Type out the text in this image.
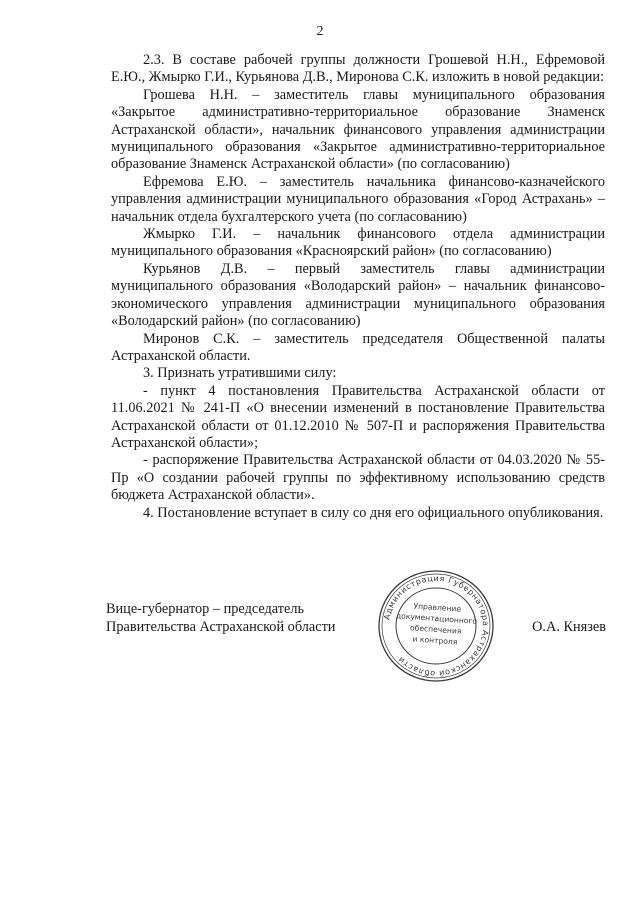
2

2.3. В составе рабочей группы должности Грошевой Н.Н., Ефремовой Е.Ю., Жмырко Г.И., Курьянова Д.В., Миронова С.К. изложить в новой редакции:

Грошева Н.Н. – заместитель главы муниципального образования «Закрытое административно-территориальное образование Знаменск Астраханской области», начальник финансового управления администрации муниципального образования «Закрытое административно-территориальное образование Знаменск Астраханской области» (по согласованию)

Ефремова Е.Ю. – заместитель начальника финансово-казначейского управления администрации муниципального образования «Город Астрахань» – начальник отдела бухгалтерского учета (по согласованию)

Жмырко Г.И. – начальник финансового отдела администрации муниципального образования «Красноярский район» (по согласованию)

Курьянов Д.В. – первый заместитель главы администрации муниципального образования «Володарский район» – начальник финансово-экономического управления администрации муниципального образования «Володарский район» (по согласованию)

Миронов С.К. – заместитель председателя Общественной палаты Астраханской области.

3. Признать утратившими силу:

- пункт 4 постановления Правительства Астраханской области от 11.06.2021 № 241-П «О внесении изменений в постановление Правительства Астраханской области от 01.12.2010 № 507-П и распоряжения Правительства Астраханской области»;

- распоряжение Правительства Астраханской области от 04.03.2020 № 55-Пр «О создании рабочей группы по эффективному использованию средств бюджета Астраханской области».

4. Постановление вступает в силу со дня его официального опубликования.

Вице-губернатор – председатель
Правительства Астраханской области	О.А. Князев
Администрация Губернатора Астраханской области
Управление
документационного
обеспечения
и контроля
